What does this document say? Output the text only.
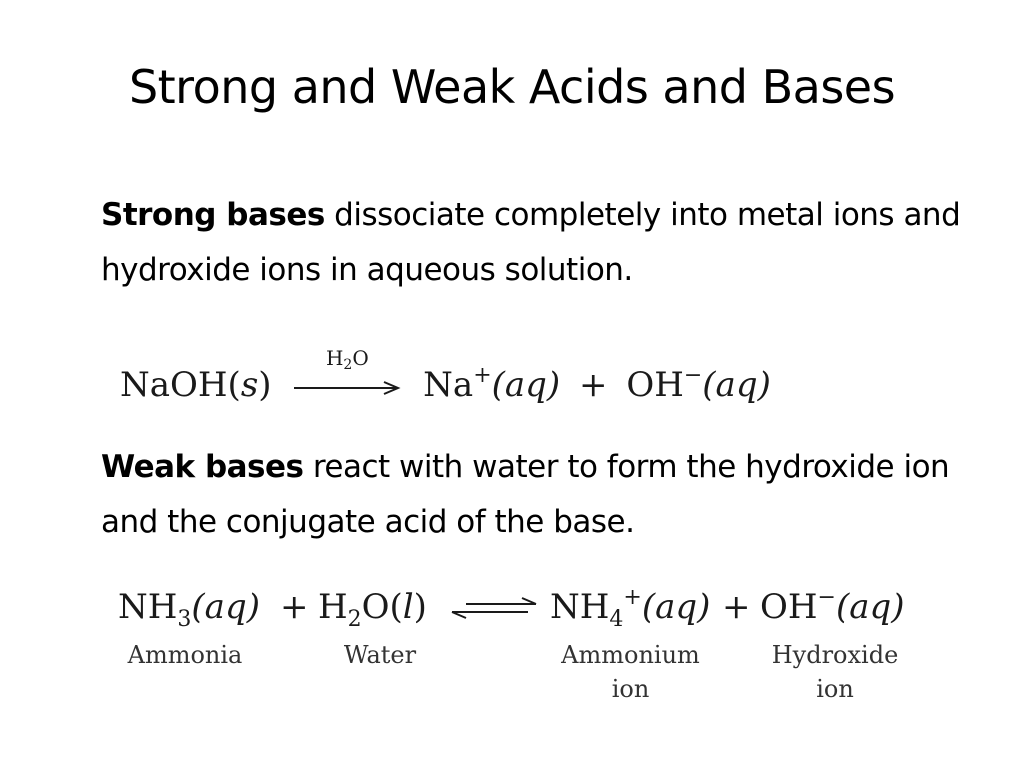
Strong and Weak Acids and Bases
Strong bases dissociate completely into metal ions and hydroxide ions in aqueous solution.
NaOH(s)
$H_2O$
Na+(aq) + OH−(aq)
Weak bases react with water to form the hydroxide ion and the conjugate acid of the base.
$NH_3(aq) + H_2O(l)$ ⇌ $NH_4^+(aq) + OH^-(aq)$
Ammonia	Water	Ammonium
ion
Hydroxide
ion
